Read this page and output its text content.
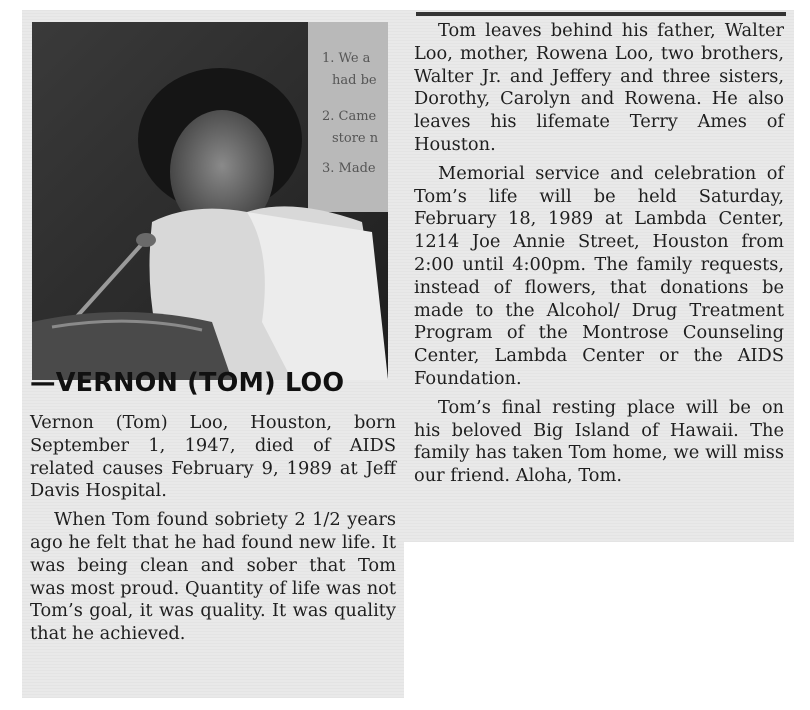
1. We a
had be
2. Came
store n
3. Made
—VERNON (TOM) LOO

Vernon (Tom) Loo, Houston, born September 1, 1947, died of AIDS related causes February 9, 1989 at Jeff Davis Hospital.

When Tom found sobriety 2 1/2 years ago he felt that he had found new life. It was being clean and sober that Tom was most proud. Quantity of life was not Tom’s goal, it was quality. It was quality that he achieved.

Tom leaves behind his father, Walter Loo, mother, Rowena Loo, two brothers, Walter Jr. and Jeffery and three sisters, Dorothy, Carolyn and Rowena. He also leaves his lifemate Terry Ames of Houston.

Memorial service and celebration of Tom’s life will be held Saturday, February 18, 1989 at Lambda Center, 1214 Joe Annie Street, Houston from 2:00 until 4:00pm. The family requests, instead of flowers, that donations be made to the Alcohol/ Drug Treatment Program of the Montrose Counseling Center, Lambda Center or the AIDS Foundation.

Tom’s final resting place will be on his beloved Big Island of Hawaii. The family has taken Tom home, we will miss our friend. Aloha, Tom.
